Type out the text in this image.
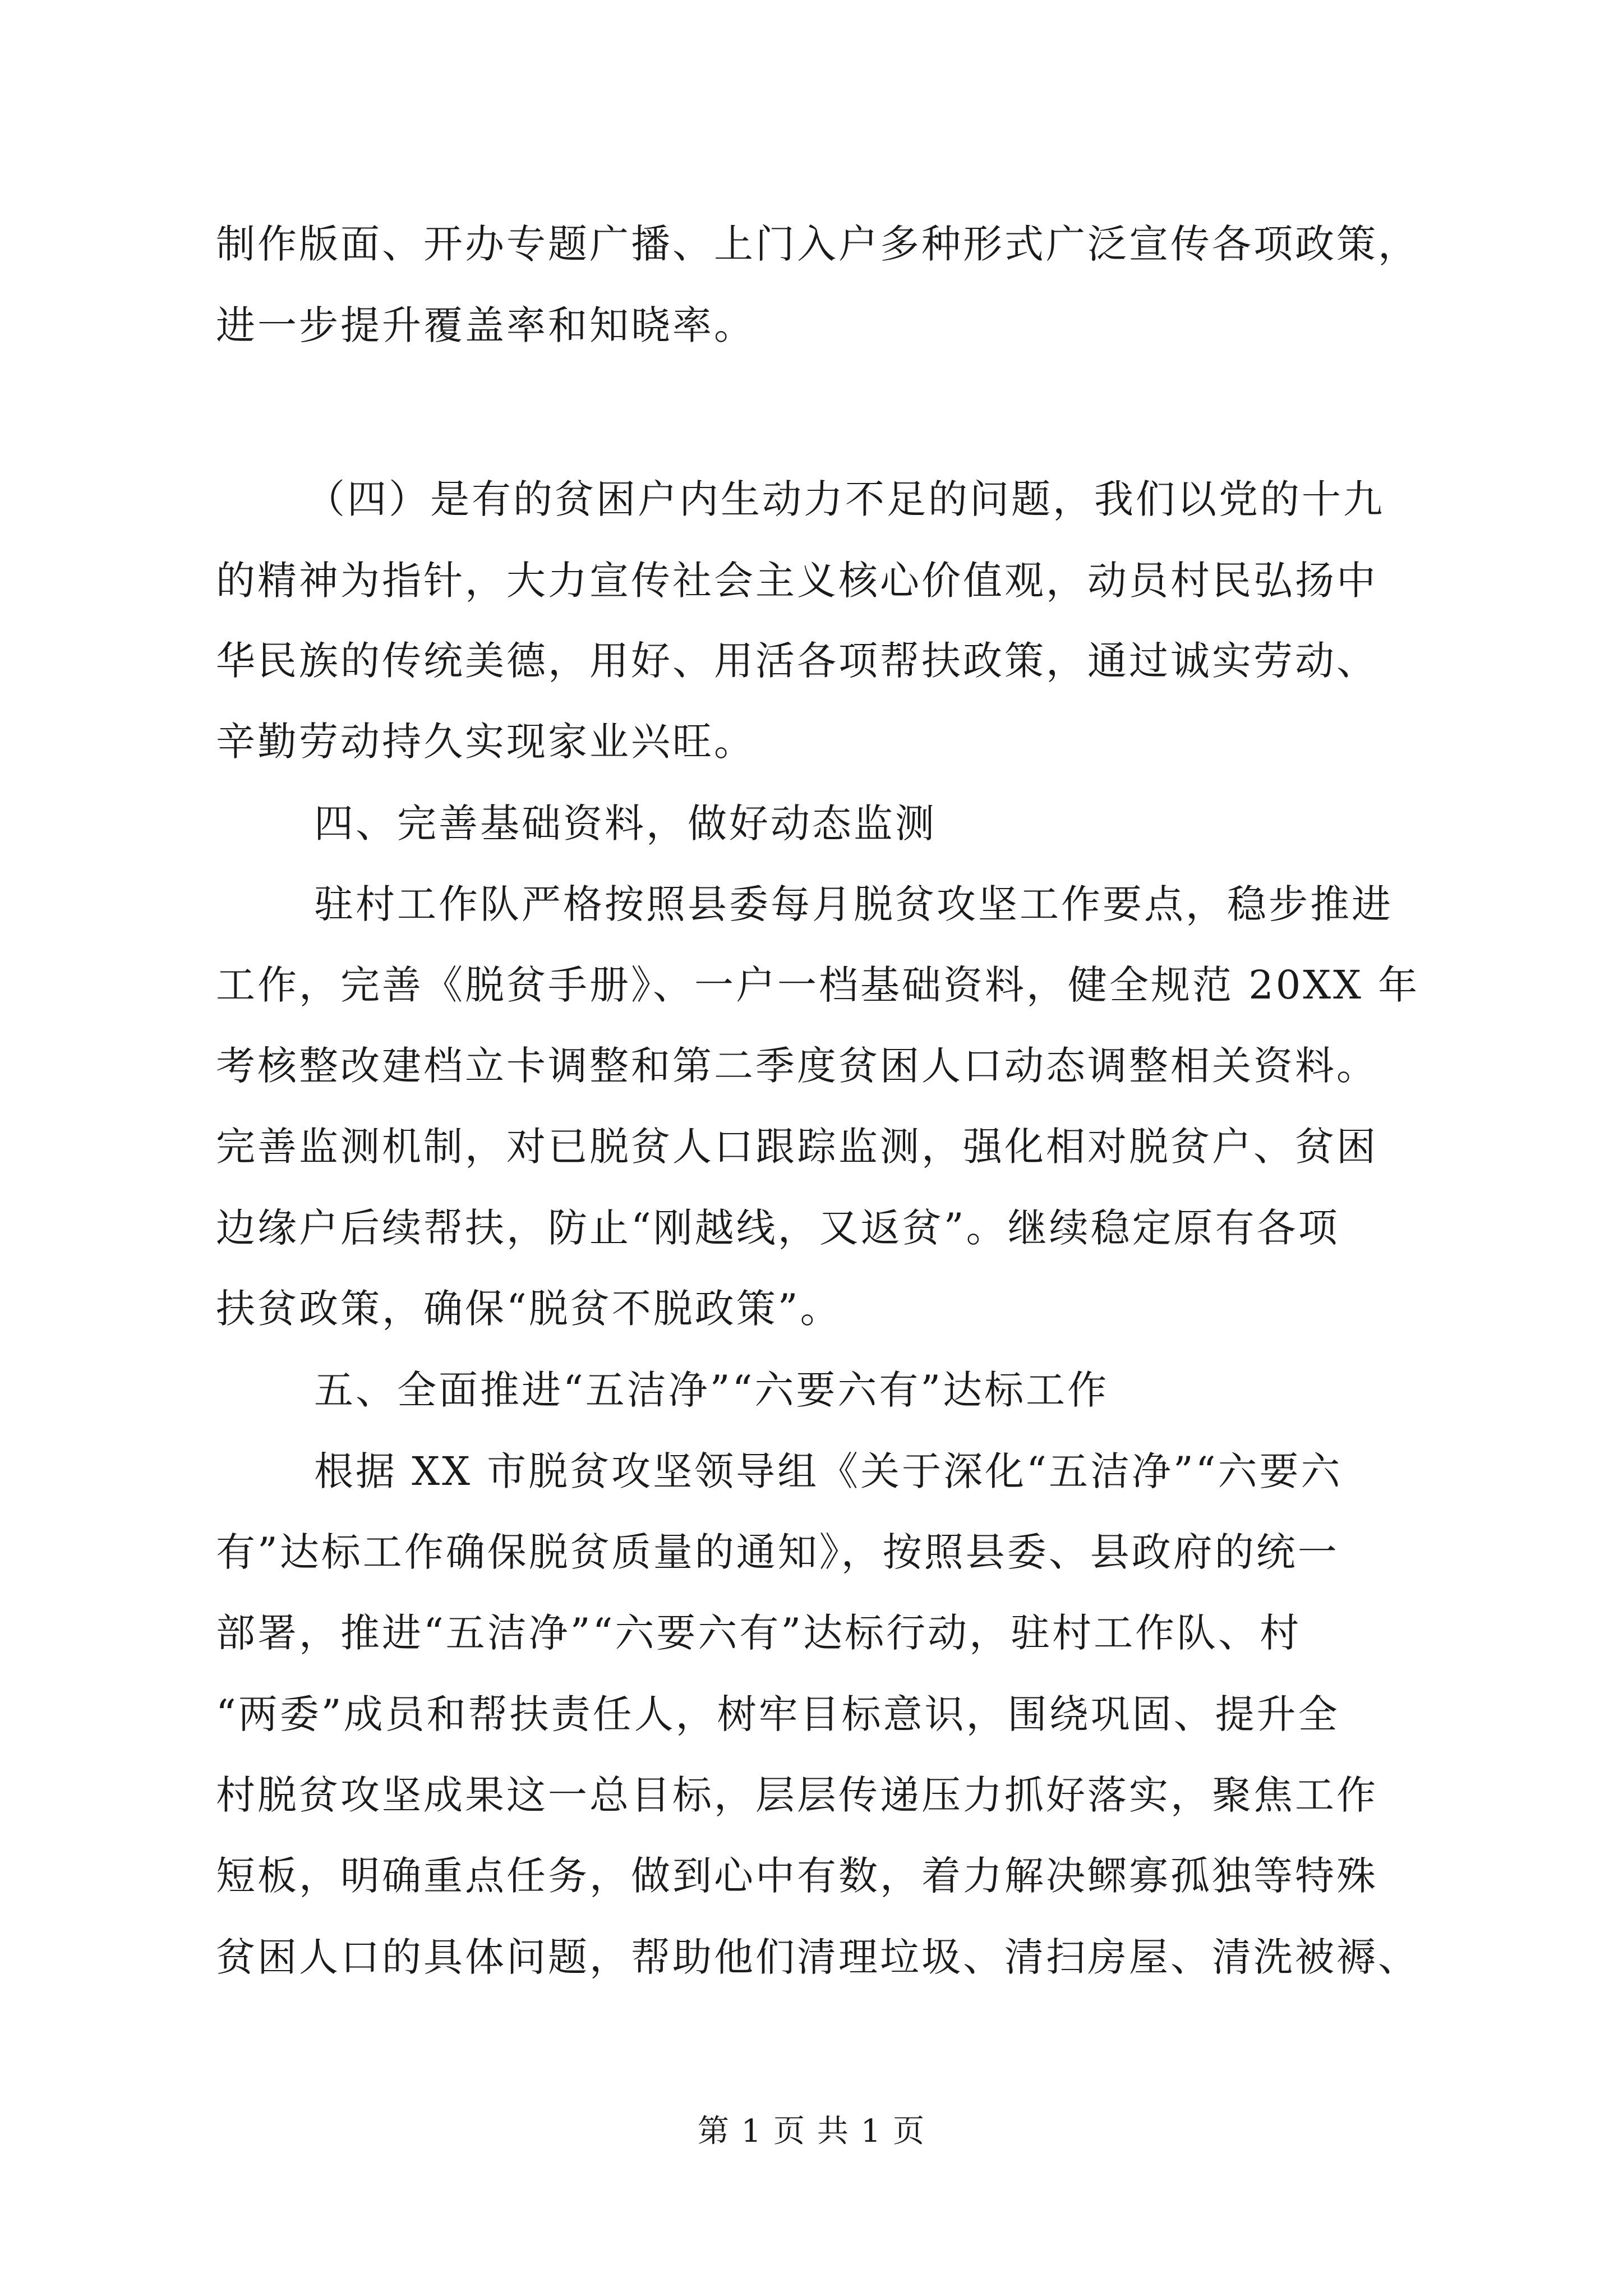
制作版面、开办专题广播、上门入户多种形式广泛宣传各项政策，
进一步提升覆盖率和知晓率。
（四）是有的贫困户内生动力不足的问题，我们以党的十九
的精神为指针，大力宣传社会主义核心价值观，动员村民弘扬中
华民族的传统美德，用好、用活各项帮扶政策，通过诚实劳动、
辛勤劳动持久实现家业兴旺。
四、完善基础资料，做好动态监测
驻村工作队严格按照县委每月脱贫攻坚工作要点，稳步推进
工作，完善《脱贫手册》、一户一档基础资料，健全规范 20XX 年
考核整改建档立卡调整和第二季度贫困人口动态调整相关资料。
完善监测机制，对已脱贫人口跟踪监测，强化相对脱贫户、贫困
边缘户后续帮扶，防止“刚越线，又返贫”。继续稳定原有各项
扶贫政策，确保“脱贫不脱政策”。
五、全面推进“五洁净”“六要六有”达标工作
根据 XX 市脱贫攻坚领导组《关于深化“五洁净”“六要六
有”达标工作确保脱贫质量的通知》，按照县委、县政府的统一
部署，推进“五洁净”“六要六有”达标行动，驻村工作队、村
“两委”成员和帮扶责任人，树牢目标意识，围绕巩固、提升全
村脱贫攻坚成果这一总目标，层层传递压力抓好落实，聚焦工作
短板，明确重点任务，做到心中有数，着力解决鳏寡孤独等特殊
贫困人口的具体问题，帮助他们清理垃圾、清扫房屋、清洗被褥、
第 1 页 共 1 页
